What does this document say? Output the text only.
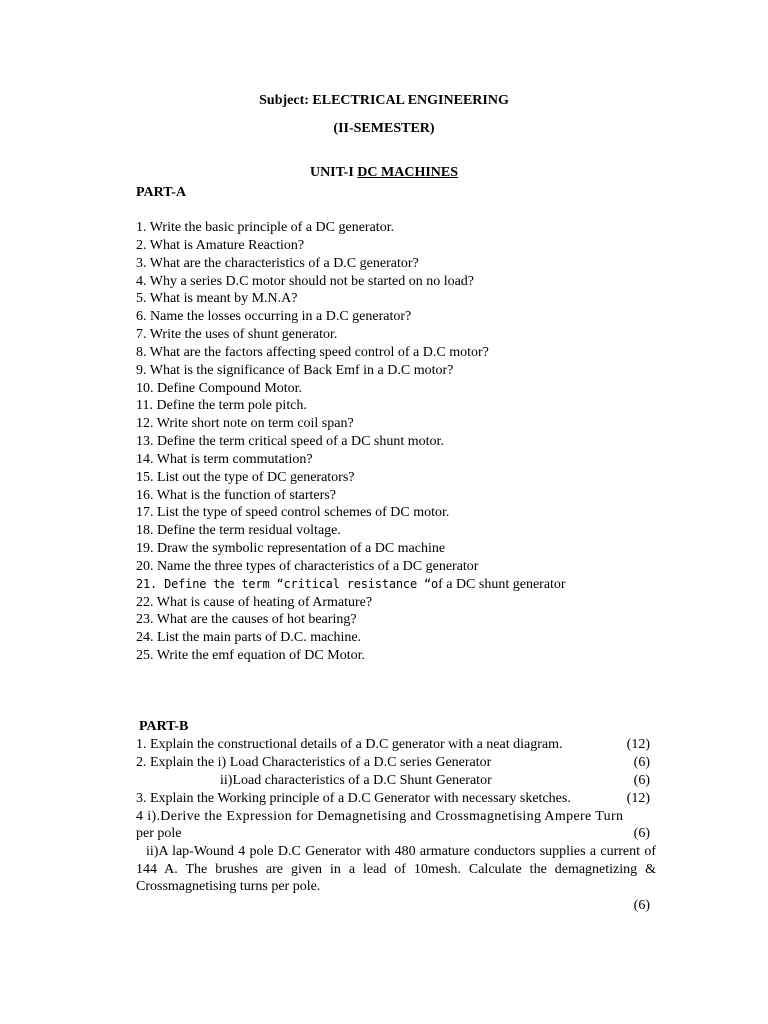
Subject: ELECTRICAL ENGINEERING
(II-SEMESTER)
UNIT-I DC MACHINES
PART-A
1. Write the basic principle of a DC generator.
2. What is Amature Reaction?
3. What are the characteristics of a D.C generator?
4. Why a series D.C motor should not be started on no load?
5. What is meant by M.N.A?
6. Name the losses occurring in a D.C generator?
7. Write the uses of shunt generator.
8. What are the factors affecting speed control of a D.C motor?
9. What is the significance of Back Emf in a D.C motor?
10. Define Compound Motor.
11. Define the term pole pitch.
12. Write short note on term coil span?
13. Define the term critical speed of a DC shunt motor.
14. What is term commutation?
15. List out the type of DC generators?
16. What is the function of starters?
17. List the type of speed control schemes of DC motor.
18. Define the term residual voltage.
19. Draw the symbolic representation of a DC machine
20. Name the three types of characteristics of a DC generator
21. Define the term “critical resistance “of a DC shunt generator
22. What is cause of heating of Armature?
23. What are the causes of hot bearing?
24. List the main parts of D.C. machine.
25. Write the emf equation of DC Motor.
PART-B
1. Explain the constructional details of a D.C generator with a neat diagram.	(12)
2. Explain the i) Load Characteristics of a D.C series Generator	(6)
ii)Load characteristics of a D.C Shunt Generator	(6)
3. Explain the Working principle of a D.C Generator with necessary sketches.	(12)
4 i).Derive the Expression for Demagnetising and Crossmagnetising Ampere Turn
per pole	(6)
ii)A lap-Wound 4 pole D.C Generator with 480 armature conductors supplies a current of 144 A. The brushes are given in a lead of 10mesh. Calculate the demagnetizing & Crossmagnetising turns per pole.
(6)
